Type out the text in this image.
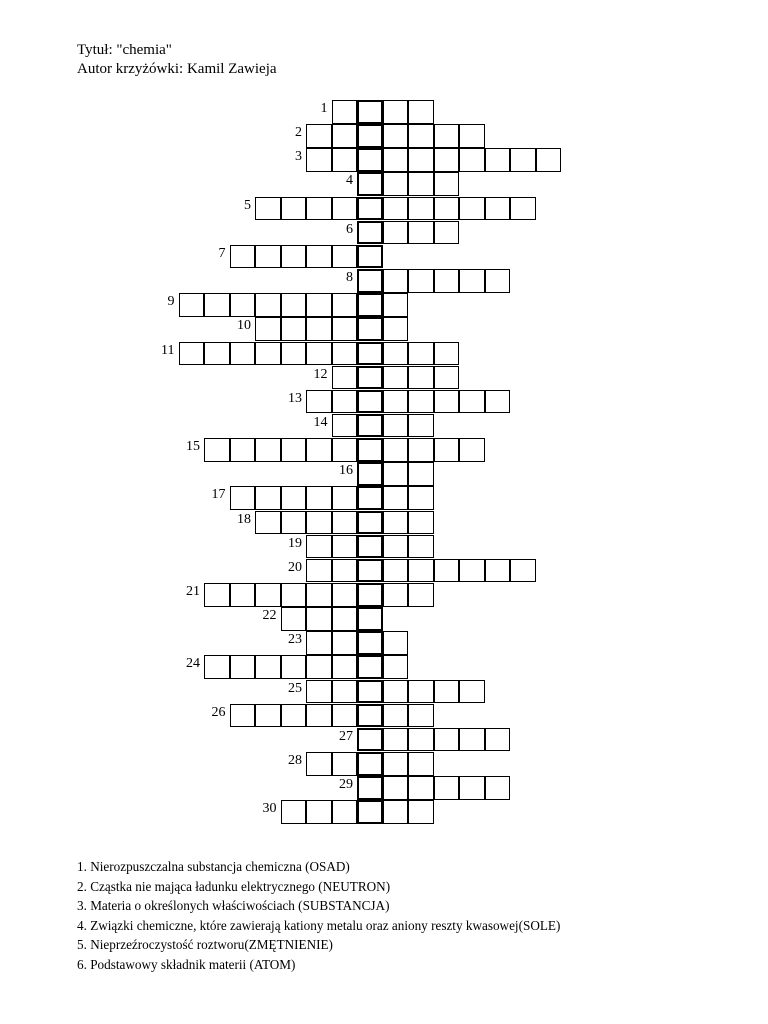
Tytuł: "chemia"
Autor krzyżówki: Kamil Zawieja
1
2
3
4
5
6
7
8
9
10
11
12
13
14
15
16
17
18
19
20
21
22
23
24
25
26
27
28
29
30
1. Nierozpuszczalna substancja chemiczna (OSAD)
2. Cząstka nie mająca ładunku elektrycznego (NEUTRON)
3. Materia o określonych właściwościach (SUBSTANCJA)
4. Związki chemiczne, które zawierają kationy metalu oraz aniony reszty kwasowej(SOLE)
5. Nieprzeźroczystość roztworu(ZMĘTNIENIE)
6. Podstawowy składnik materii (ATOM)
